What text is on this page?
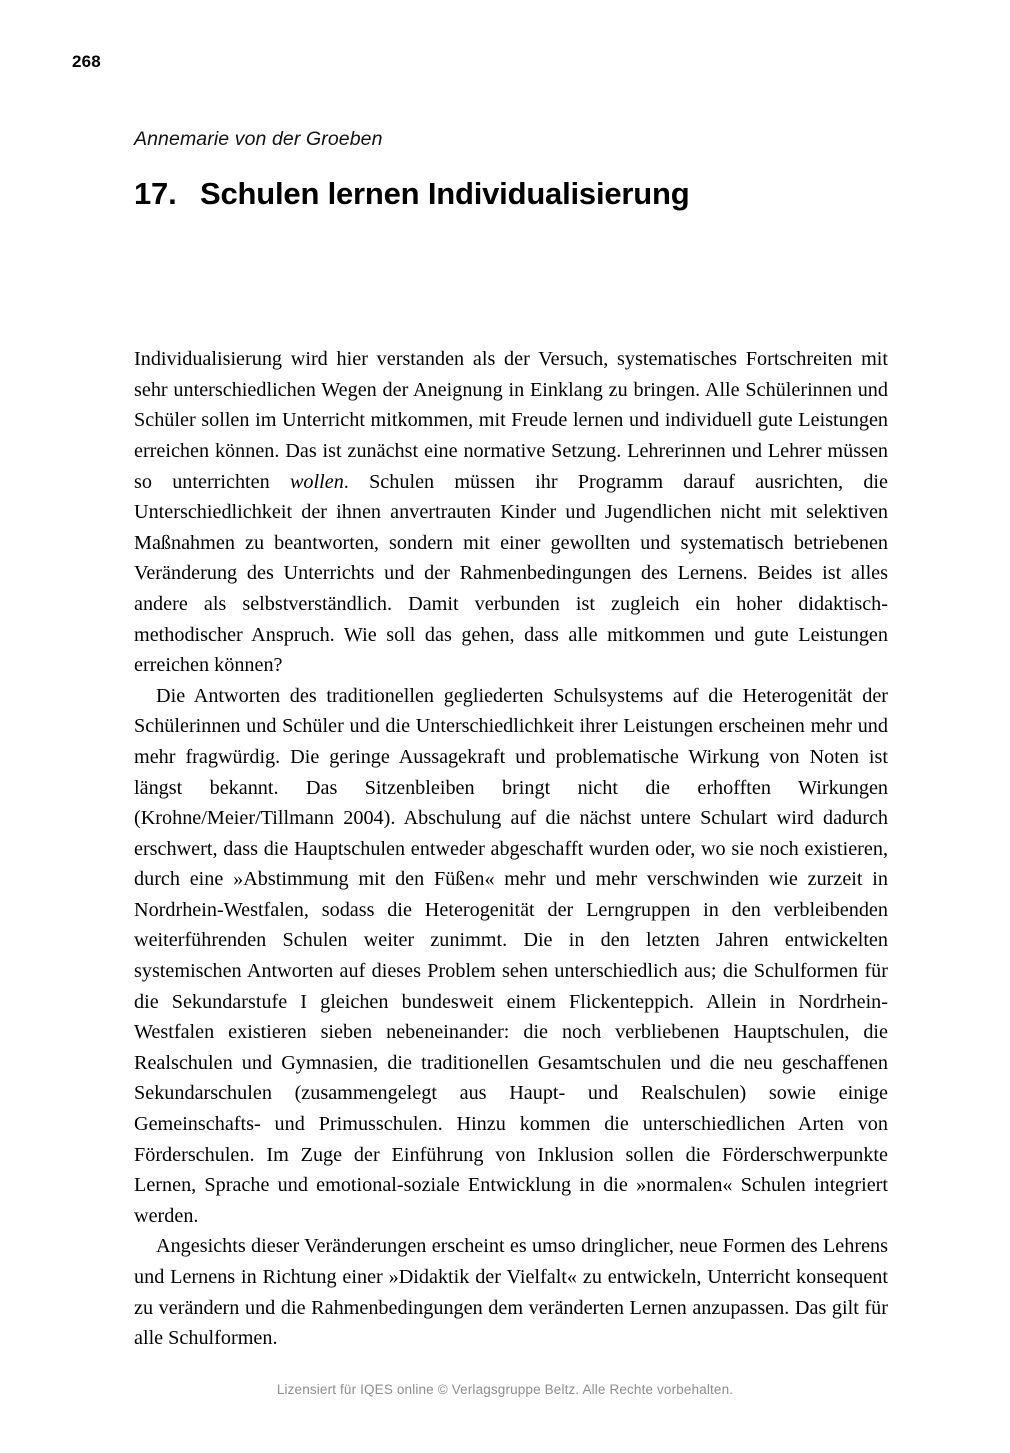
268
Annemarie von der Groeben
17. Schulen lernen Individualisierung

Individualisierung wird hier verstanden als der Versuch, systematisches Fortschreiten mit sehr unterschiedlichen Wegen der Aneignung in Einklang zu bringen. Alle Schülerinnen und Schüler sollen im Unterricht mitkommen, mit Freude lernen und individuell gute Leistungen erreichen können. Das ist zunächst eine normative Setzung. Lehrerinnen und Lehrer müssen so unterrichten wollen. Schulen müssen ihr Programm darauf ausrichten, die Unterschiedlichkeit der ihnen anvertrauten Kinder und Jugendlichen nicht mit selektiven Maßnahmen zu beantworten, sondern mit einer gewollten und systematisch betriebenen Veränderung des Unterrichts und der Rahmenbedingungen des Lernens. Beides ist alles andere als selbstverständlich. Damit verbunden ist zugleich ein hoher didaktisch-methodischer Anspruch. Wie soll das gehen, dass alle mitkommen und gute Leistungen erreichen können?

Die Antworten des traditionellen gegliederten Schulsystems auf die Heterogenität der Schülerinnen und Schüler und die Unterschiedlichkeit ihrer Leistungen erscheinen mehr und mehr fragwürdig. Die geringe Aussagekraft und problematische Wirkung von Noten ist längst bekannt. Das Sitzenbleiben bringt nicht die erhofften Wirkungen (Krohne/Meier/Tillmann 2004). Abschulung auf die nächst untere Schulart wird dadurch erschwert, dass die Hauptschulen entweder abgeschafft wurden oder, wo sie noch existieren, durch eine »Abstimmung mit den Füßen« mehr und mehr verschwinden wie zurzeit in Nordrhein-Westfalen, sodass die Heterogenität der Lerngruppen in den verbleibenden weiterführenden Schulen weiter zunimmt. Die in den letzten Jahren entwickelten systemischen Antworten auf dieses Problem sehen unterschiedlich aus; die Schulformen für die Sekundarstufe I gleichen bundesweit einem Flickenteppich. Allein in Nordrhein-Westfalen existieren sieben nebeneinander: die noch verbliebenen Hauptschulen, die Realschulen und Gymnasien, die traditionellen Gesamtschulen und die neu geschaffenen Sekundarschulen (zusammengelegt aus Haupt- und Realschulen) sowie einige Gemeinschafts- und Primusschulen. Hinzu kommen die unterschiedlichen Arten von Förderschulen. Im Zuge der Einführung von Inklusion sollen die Förderschwerpunkte Lernen, Sprache und emotional-soziale Entwicklung in die »normalen« Schulen integriert werden.

Angesichts dieser Veränderungen erscheint es umso dringlicher, neue Formen des Lehrens und Lernens in Richtung einer »Didaktik der Vielfalt« zu entwickeln, Unterricht konsequent zu verändern und die Rahmenbedingungen dem veränderten Lernen anzupassen. Das gilt für alle Schulformen.

Lizensiert für IQES online © Verlagsgruppe Beltz. Alle Rechte vorbehalten.
